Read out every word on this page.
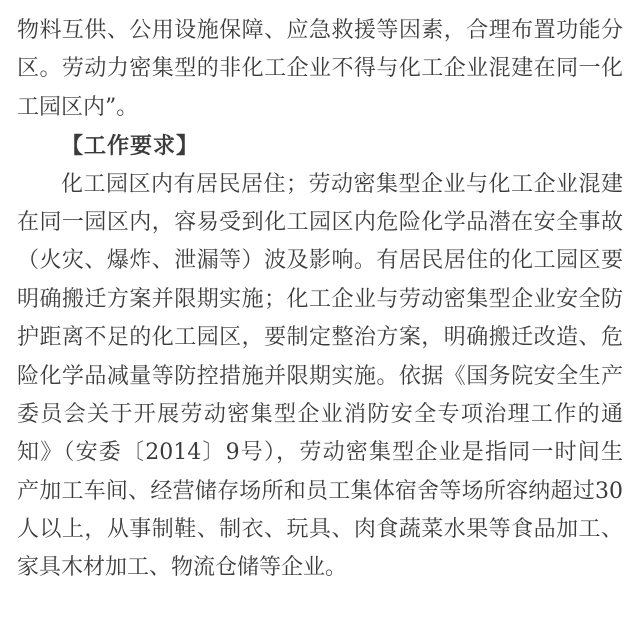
物料互供、公用设施保障、应急救援等因素，合理布置功能分
区。劳动力密集型的非化工企业不得与化工企业混建在同一化
工园区内”。
【工作要求】
化工园区内有居民居住；劳动密集型企业与化工企业混建
在同一园区内，容易受到化工园区内危险化学品潜在安全事故
（火灾、爆炸、泄漏等）波及影响。有居民居住的化工园区要
明确搬迁方案并限期实施；化工企业与劳动密集型企业安全防
护距离不足的化工园区，要制定整治方案，明确搬迁改造、危
险化学品减量等防控措施并限期实施。依据《国务院安全生产
委员会关于开展劳动密集型企业消防安全专项治理工作的通
知》（安委〔2014〕9号），劳动密集型企业是指同一时间生
产加工车间、经营储存场所和员工集体宿舍等场所容纳超过30
人以上，从事制鞋、制衣、玩具、肉食蔬菜水果等食品加工、
家具木材加工、物流仓储等企业。
